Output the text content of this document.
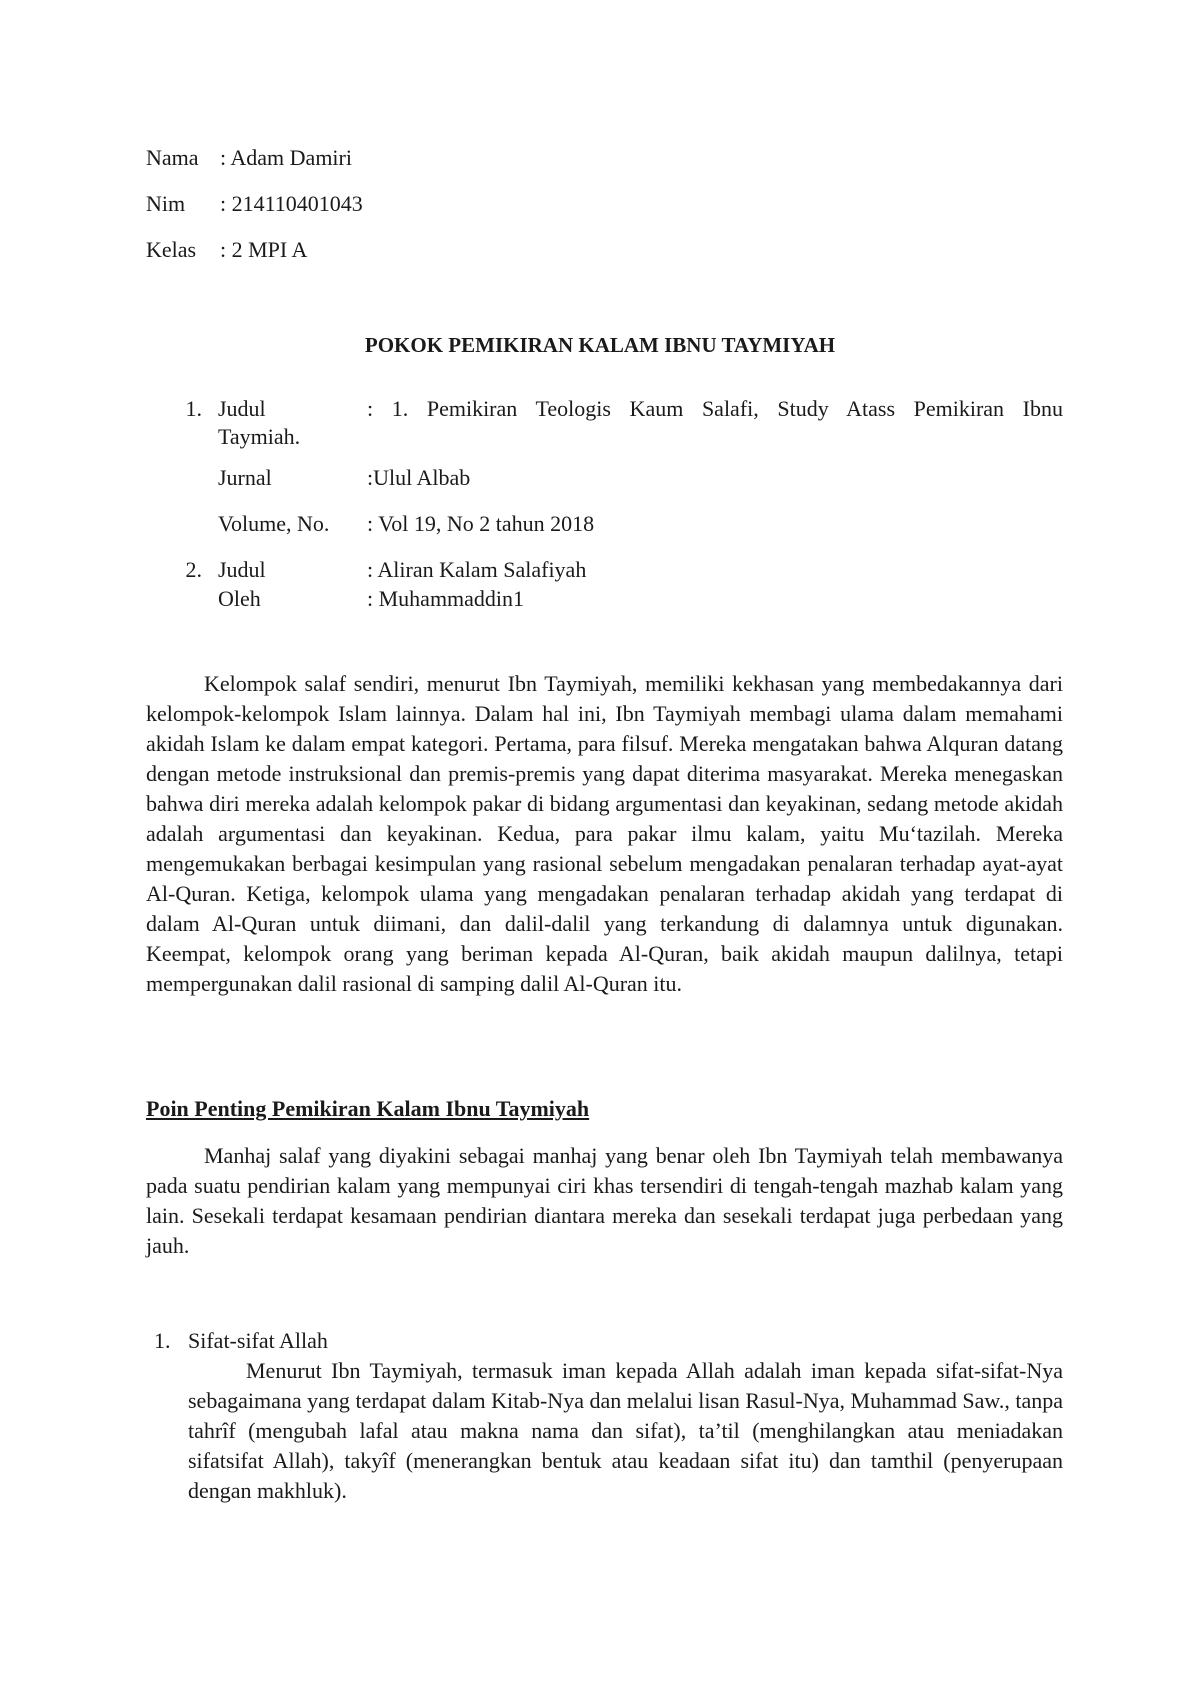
Nama : Adam Damiri
Nim	: 214110401043
Kelas	: 2 MPI A
POKOK PEMIKIRAN KALAM IBNU TAYMIYAH
1. Judul	: 1. Pemikiran Teologis Kaum Salafi, Study Atass Pemikiran Ibnu
Taymiah.
Jurnal	:Ulul Albab
Volume, No. : Vol 19, No 2 tahun 2018
2. Judul	: Aliran Kalam Salafiyah
Oleh	: Muhammaddin1

Kelompok salaf sendiri, menurut Ibn Taymiyah, memiliki kekhasan yang membedakannya dari kelompok-kelompok Islam lainnya. Dalam hal ini, Ibn Taymiyah membagi ulama dalam memahami akidah Islam ke dalam empat kategori. Pertama, para filsuf. Mereka mengatakan bahwa Alquran datang dengan metode instruksional dan premis-premis yang dapat diterima masyarakat. Mereka menegaskan bahwa diri mereka adalah kelompok pakar di bidang argumentasi dan keyakinan, sedang metode akidah adalah argumentasi dan keyakinan. Kedua, para pakar ilmu kalam, yaitu Mu‘tazilah. Mereka mengemukakan berbagai kesimpulan yang rasional sebelum mengadakan penalaran terhadap ayat-ayat Al-Quran. Ketiga, kelompok ulama yang mengadakan penalaran terhadap akidah yang terdapat di dalam Al-Quran untuk diimani, dan dalil-dalil yang terkandung di dalamnya untuk digunakan. Keempat, kelompok orang yang beriman kepada Al-Quran, baik akidah maupun dalilnya, tetapi mempergunakan dalil rasional di samping dalil Al-Quran itu.

Poin Penting Pemikiran Kalam Ibnu Taymiyah

Manhaj salaf yang diyakini sebagai manhaj yang benar oleh Ibn Taymiyah telah membawanya pada suatu pendirian kalam yang mempunyai ciri khas tersendiri di tengah-tengah mazhab kalam yang lain. Sesekali terdapat kesamaan pendirian diantara mereka dan sesekali terdapat juga perbedaan yang jauh.

1. Sifat-sifat Allah

Menurut Ibn Taymiyah, termasuk iman kepada Allah adalah iman kepada sifat-sifat-Nya sebagaimana yang terdapat dalam Kitab-Nya dan melalui lisan Rasul-Nya, Muhammad Saw., tanpa tahrîf (mengubah lafal atau makna nama dan sifat), ta’til (menghilangkan atau meniadakan sifatsifat Allah), takyîf (menerangkan bentuk atau keadaan sifat itu) dan tamthil (penyerupaan dengan makhluk).
